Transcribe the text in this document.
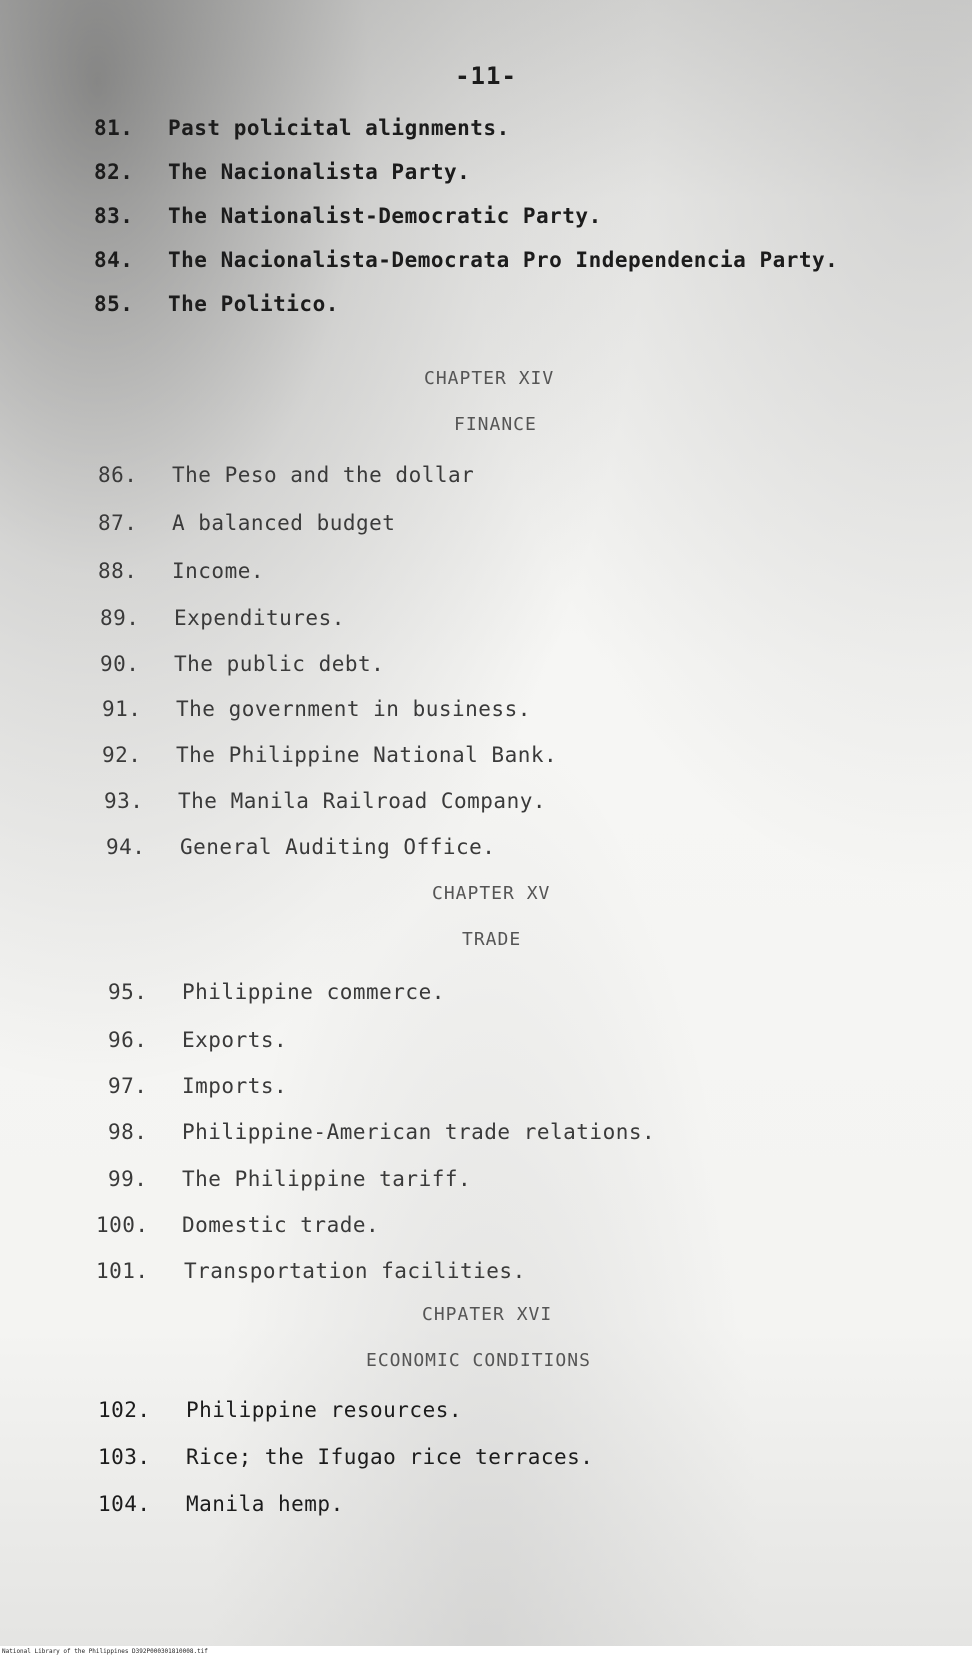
-11-
81. Past policital alignments.
82. The Nacionalista Party.
83. The Nationalist-Democratic Party.
84. The Nacionalista-Democrata Pro Independencia Party.
85. The Politico.
CHAPTER XIV
FINANCE
86. The Peso and the dollar
87. A balanced budget
88. Income.
89. Expenditures.
90. The public debt.
91. The government in business.
92. The Philippine National Bank.
93. The Manila Railroad Company.
94. General Auditing Office.
CHAPTER XV
TRADE
95. Philippine commerce.
96. Exports.
97. Imports.
98. Philippine-American trade relations.
99. The Philippine tariff.
100. Domestic trade.
101. Transportation facilities.
CHPATER XVI
ECONOMIC CONDITIONS
102. Philippine resources.
103. Rice; the Ifugao rice terraces.
104. Manila hemp.
National Library of the Philippines D392P000301810008.tif
